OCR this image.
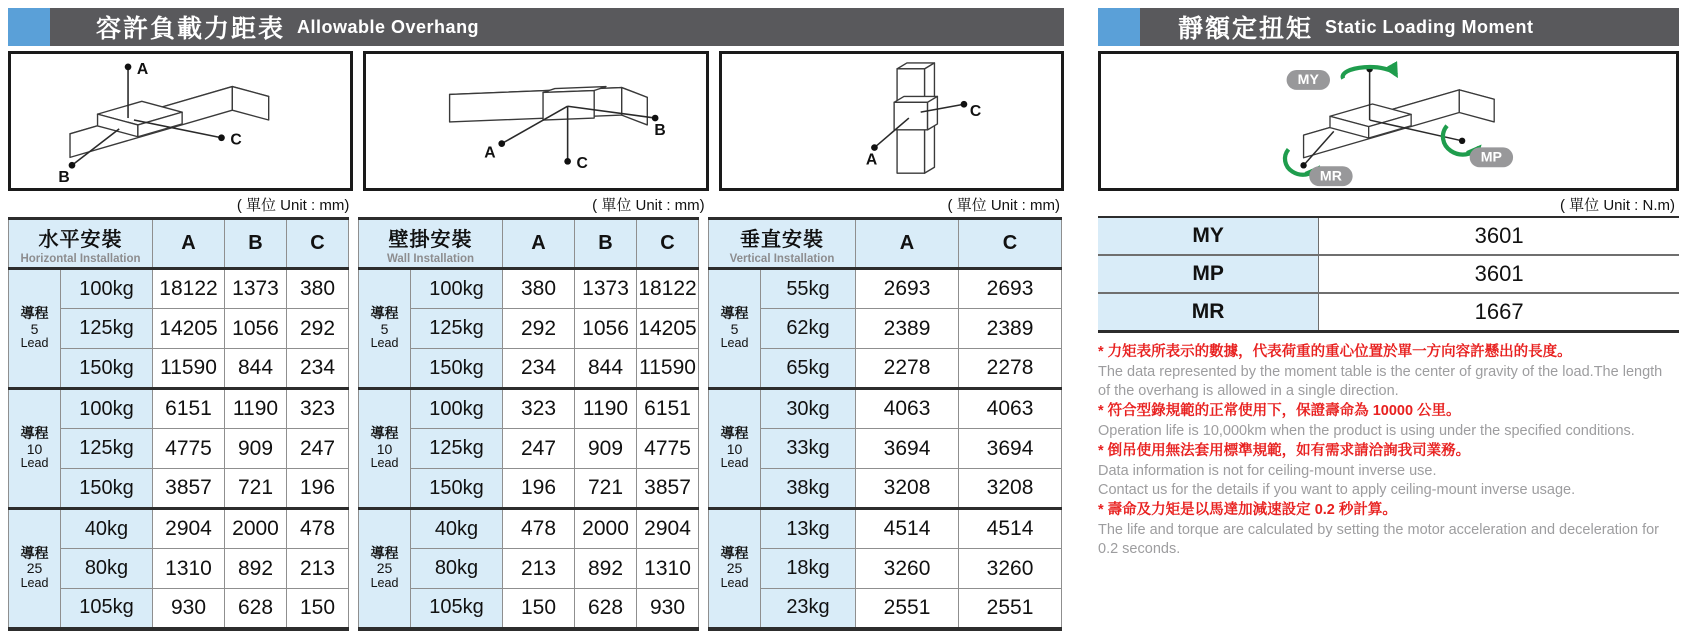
容許負載力距表 Allowable Overhang
A
B
C
( 單位 Unit : mm)
A
B
C
( 單位 Unit : mm)
A
C
( 單位 Unit : mm)
水平安裝
Horizontal Installation		A	B	C

導程
5
Lead	100kg	18122	1373	380
	125kg	14205	1056	292
	150kg	11590	844	234

導程
10
Lead	100kg	6151	1190	323
	125kg	4775	909	247
	150kg	3857	721	196

導程
25
Lead	40kg	2904	2000	478
	80kg	1310	892	213
	105kg	930	628	150
壁掛安裝
Wall Installation		A	B	C

導程
5
Lead	100kg	380	1373	18122
	125kg	292	1056	14205
	150kg	234	844	11590

導程
10
Lead	100kg	323	1190	6151
	125kg	247	909	4775
	150kg	196	721	3857

導程
25
Lead	40kg	478	2000	2904
	80kg	213	892	1310
	105kg	150	628	930
垂直安裝
Vertical Installation		A	C

導程
5
Lead	55kg	2693	2693
	62kg	2389	2389
	65kg	2278	2278

導程
10
Lead	30kg	4063	4063
	33kg	3694	3694
	38kg	3208	3208

導程
25
Lead	13kg	4514	4514
	18kg	3260	3260
	23kg	2551	2551
靜額定扭矩 Static Loading Moment
MY
MP
MR
( 單位 Unit : N.m)
MY	3601
MP	3601
MR	1667
* 力矩表所表示的數據，代表荷重的重心位置於單一方向容許懸出的長度。
The data represented by the moment table is the center of gravity of the load.The length of the overhang is allowed in a single direction.
* 符合型錄規範的正常使用下，保證壽命為 10000 公里。
Operation life is 10,000km when the product is using under the specified conditions.
* 倒吊使用無法套用標準規範，如有需求請洽詢我司業務。
Data information is not for ceiling-mount inverse use.
Contact us for the details if you want to apply ceiling-mount inverse usage.
* 壽命及力矩是以馬達加減速設定 0.2 秒計算。
The life and torque are calculated by setting the motor acceleration and deceleration for 0.2 seconds.
